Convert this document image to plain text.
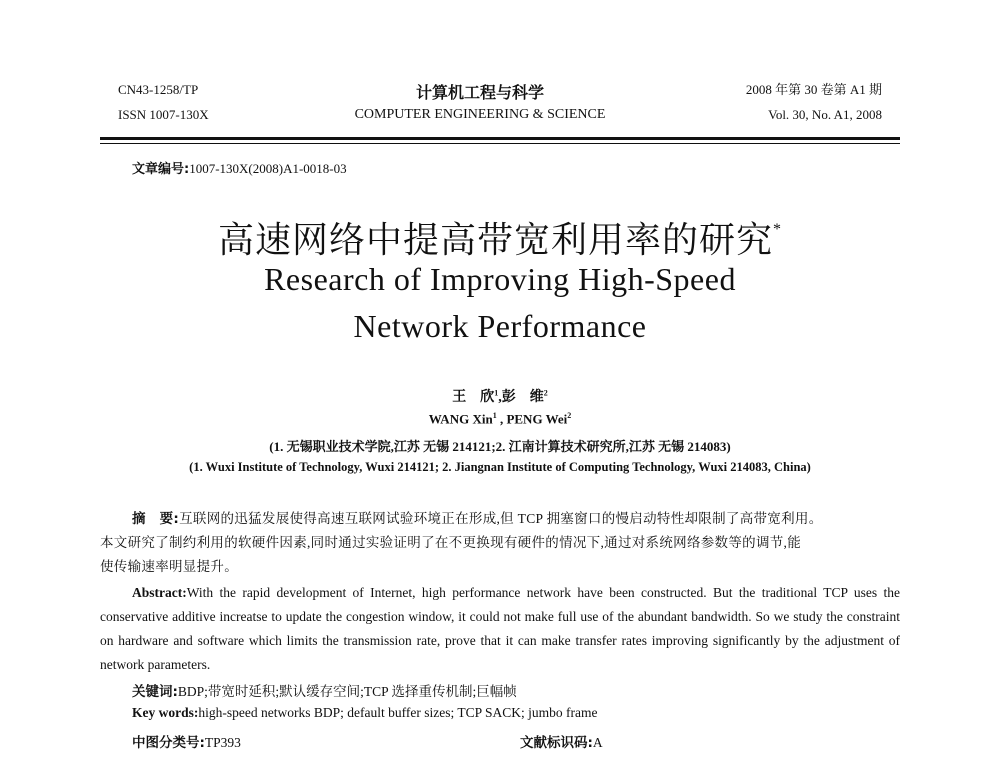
CN43-1258/TP
ISSN 1007-130X
计算机工程与科学
COMPUTER ENGINEERING & SCIENCE
2008 年第 30 卷第 A1 期
Vol. 30, No. A1, 2008
文章编号:1007-130X(2008)A1-0018-03
高速网络中提高带宽利用率的研究*
Research of Improving High-Speed
Network Performance
王　欣$^1$,彭　维$^2$
WANG Xin$^1$ , PENG Wei$^2$
(1. 无锡职业技术学院,江苏 无锡 214121;2. 江南计算技术研究所,江苏 无锡 214083)
(1. Wuxi Institute of Technology, Wuxi 214121; 2. Jiangnan Institute of Computing Technology, Wuxi 214083, China)
摘　要:互联网的迅猛发展使得高速互联网试验环境正在形成,但 TCP 拥塞窗口的慢启动特性却限制了高带宽利用。
本文研究了制约利用的软硬件因素,同时通过实验证明了在不更换现有硬件的情况下,通过对系统网络参数等的调节,能
使传输速率明显提升。
Abstract:With the rapid development of Internet, high performance network have been constructed. But the traditional TCP uses the conservative additive increatse to update the congestion window, it could not make full use of the abundant bandwidth. So we study the constraint on hardware and software which limits the transmission rate, prove that it can make transfer rates improving significantly by the adjustment of network parameters.
关键词:BDP;带宽时延积;默认缓存空间;TCP 选择重传机制;巨幅帧
Key words:high-speed networks BDP; default buffer sizes; TCP SACK; jumbo frame
中图分类号:TP393	文献标识码:A
